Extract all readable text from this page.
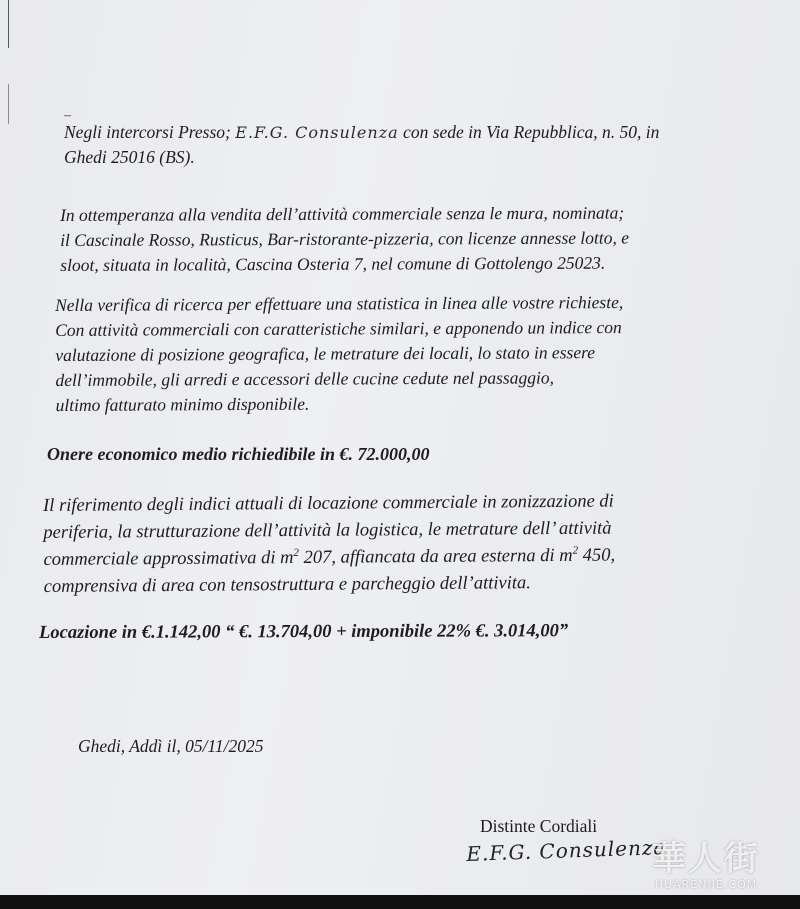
–
Negli intercorsi Presso; E.F.G. Consulenza con sede in Via Repubblica, n. 50, in
Ghedi 25016 (BS).
In ottemperanza alla vendita dell’attività commerciale senza le mura, nominata;
il Cascinale Rosso, Rusticus, Bar-ristorante-pizzeria, con licenze annesse lotto, e
sloot, situata in località, Cascina Osteria 7, nel comune di Gottolengo 25023.
Nella verifica di ricerca per effettuare una statistica in linea alle vostre richieste,
Con attività commerciali con caratteristiche similari, e apponendo un indice con
valutazione di posizione geografica, le metrature dei locali, lo stato in essere
dell’immobile, gli arredi e accessori delle cucine cedute nel passaggio,
ultimo fatturato minimo disponibile.
Onere economico medio richiedibile in €. 72.000,00
Il riferimento degli indici attuali di locazione commerciale in zonizzazione di
periferia, la strutturazione dell’attività la logistica, le metrature dell’ attività
commerciale approssimativa di $m^2$ 207, affiancata da area esterna di $m^2$ 450,
comprensiva di area con tensostruttura e parcheggio dell’attivita.
Locazione in €.1.142,00 “ €. 13.704,00 + imponibile 22% €. 3.014,00”
Ghedi, Addì il, 05/11/2025
Distinte Cordiali
E.F.G. Consulenza
華人街
HUARENJIE.COM
